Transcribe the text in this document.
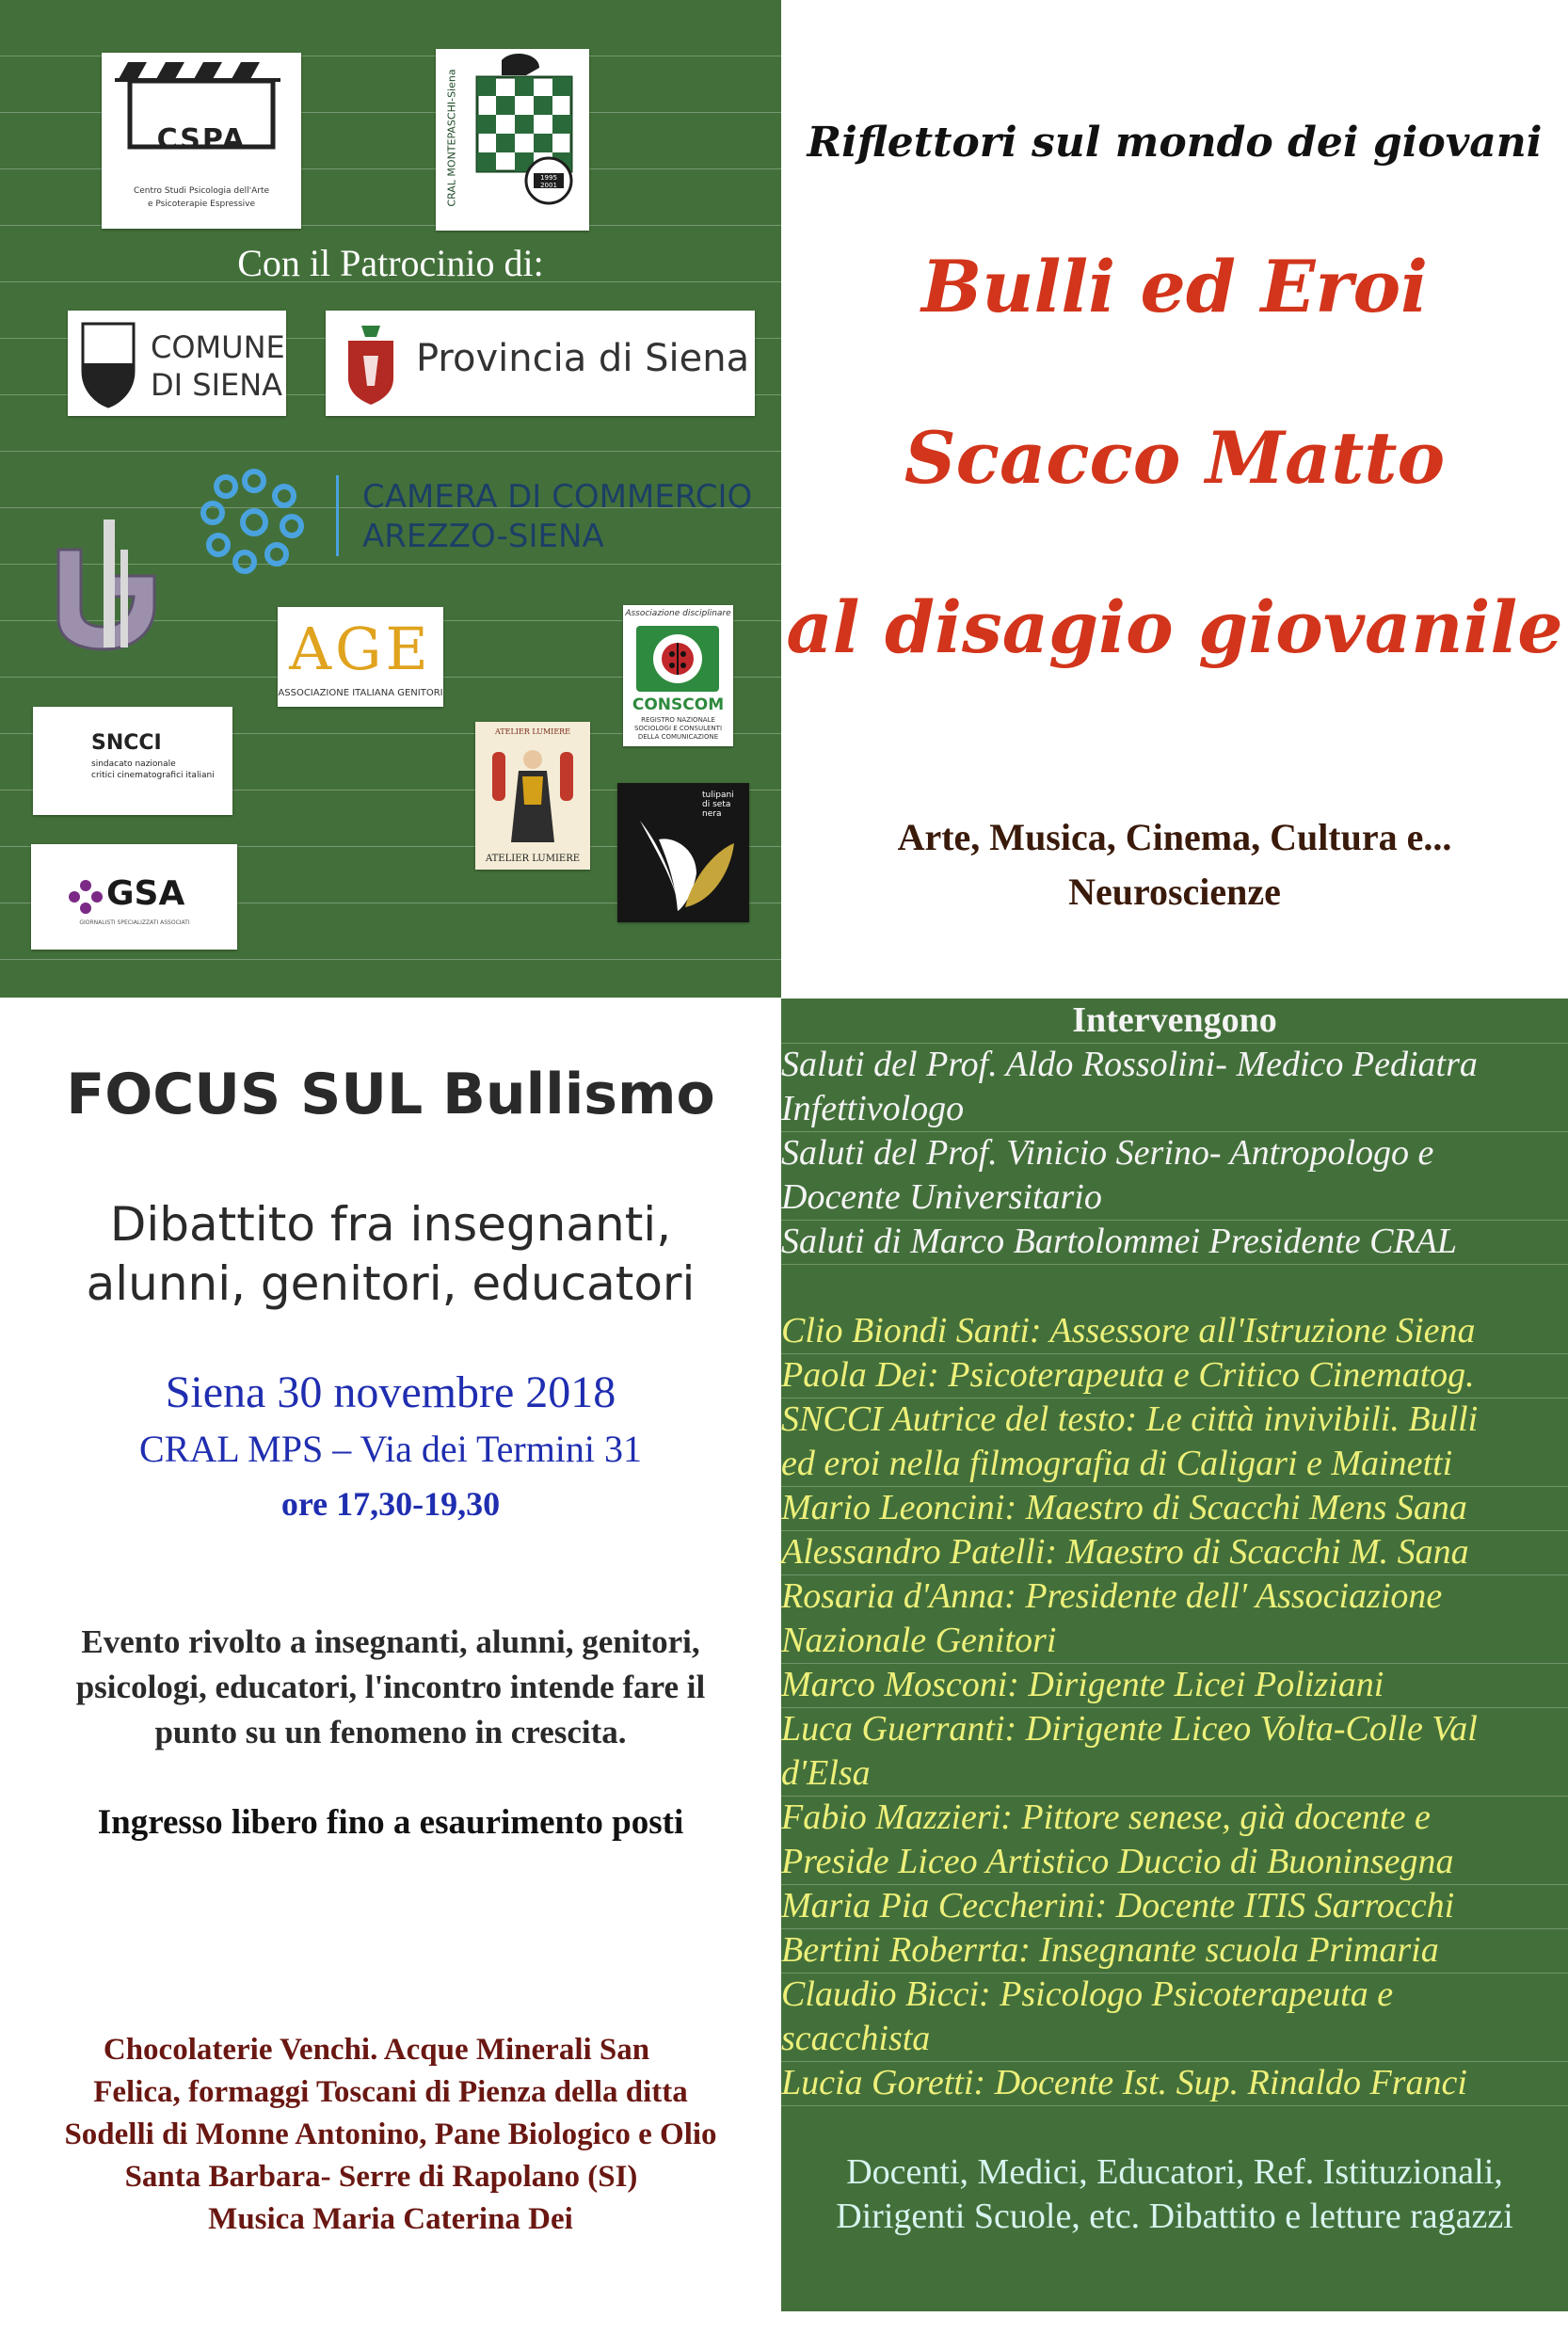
CSPA
Centro Studi Psicologia dell'Arte
e Psicoterapie Espressive	CRAL MONTEPASCHI-Siena	1995 2001
Con il Patrocinio di:
COMUNE
DI SIENA
Provincia di Siena
CAMERA DI COMMERCIO
AREZZO-SIENA
AGE
ASSOCIAZIONE ITALIANA GENITORI
Associazione disciplinare
CONSCOM
REGISTRO NAZIONALE
SOCIOLOGI E CONSULENTI
DELLA COMUNICAZIONE
SNCCI
sindacato nazionale
critici cinematografici italiani
ATELIER LUMIERE
ATELIER LUMIERE
tulipani di seta nera
GSA
GIORNALISTI SPECIALIZZATI ASSOCIATI
Riflettori sul mondo dei giovani
Bulli ed Eroi
Scacco Matto
al disagio giovanile
Arte, Musica, Cinema, Cultura e...
Neuroscienze
FOCUS SUL Bullismo
Dibattito fra insegnanti,
alunni, genitori, educatori
Siena 30 novembre 2018
CRAL MPS – Via dei Termini 31
ore 17,30-19,30
Evento rivolto a insegnanti, alunni, genitori,
psicologi, educatori, l'incontro intende fare il
punto su un fenomeno in crescita.
Ingresso libero fino a esaurimento posti
Chocolaterie Venchi. Acque Minerali San
Felica, formaggi Toscani di Pienza della ditta
Sodelli di Monne Antonino, Pane Biologico e Olio
Santa Barbara- Serre di Rapolano (SI)
Musica Maria Caterina Dei
Intervengono
Saluti del Prof. Aldo Rossolini- Medico Pediatra
Infettivologo
Saluti del Prof. Vinicio Serino- Antropologo e
Docente Universitario
Saluti di Marco Bartolommei Presidente CRAL
Clio Biondi Santi: Assessore all'Istruzione Siena
Paola Dei: Psicoterapeuta e Critico Cinematog.
SNCCI Autrice del testo: Le città invivibili. Bulli
ed eroi nella filmografia di Caligari e Mainetti
Mario Leoncini: Maestro di Scacchi Mens Sana
Alessandro Patelli: Maestro di Scacchi M. Sana
Rosaria d'Anna: Presidente dell' Associazione
Nazionale Genitori
Marco Mosconi: Dirigente Licei Poliziani
Luca Guerranti: Dirigente Liceo Volta-Colle Val
d'Elsa
Fabio Mazzieri: Pittore senese, già docente e
Preside Liceo Artistico Duccio di Buoninsegna
Maria Pia Ceccherini: Docente ITIS Sarrocchi
Bertini Roberrta: Insegnante scuola Primaria
Claudio Bicci: Psicologo Psicoterapeuta e
scacchista
Lucia Goretti: Docente Ist. Sup. Rinaldo Franci
Docenti, Medici, Educatori, Ref. Istituzionali,
Dirigenti Scuole, etc. Dibattito e letture ragazzi
